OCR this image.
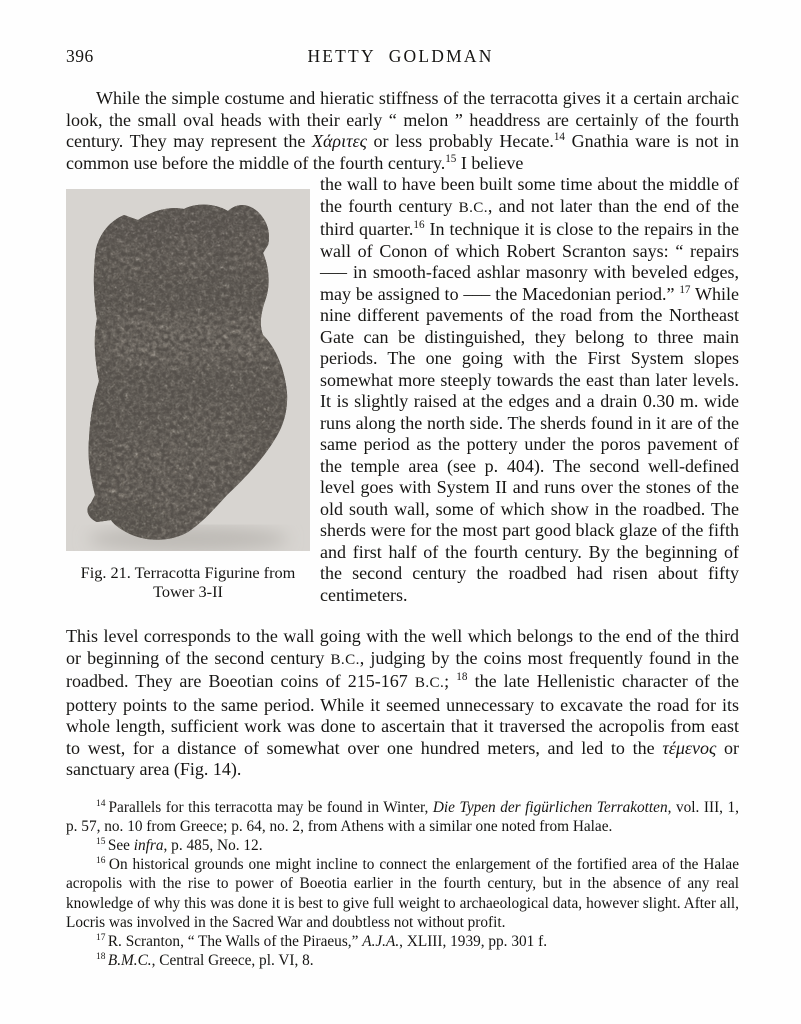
396	HETTY GOLDMAN

While the simple costume and hieratic stiffness of the terracotta gives it a certain archaic look, the small oval heads with their early “ melon ” headdress are certainly of the fourth century. They may represent the Χάριτες or less probably Hecate.$^{14}$ Gnathia ware is not in common use before the middle of the fourth century.$^{15}$ I believe

Fig. 21. Terracotta Figurine from
Tower 3-II

the wall to have been built some time about the middle of the fourth century B.C., and not later than the end of the third quarter.$^{16}$ In technique it is close to the repairs in the wall of Conon of which Robert Scranton says: “ repairs ––– in smooth-faced ashlar masonry with beveled edges, may be assigned to ––– the Macedonian period.” $^{17}$ While nine different pavements of the road from the Northeast Gate can be distinguished, they belong to three main periods. The one going with the First System slopes somewhat more steeply towards the east than later levels. It is slightly raised at the edges and a drain 0.30 m. wide runs along the north side. The sherds found in it are of the same period as the pottery under the poros pavement of the temple area (see p. 404). The second well-defined level goes with System II and runs over the stones of the old south wall, some of which show in the roadbed. The sherds were for the most part good black glaze of the fifth and first half of the fourth century. By the beginning of the second century the roadbed had risen about fifty centimeters.

This level corresponds to the wall going with the well which belongs to the end of the third or beginning of the second century B.C., judging by the coins most frequently found in the roadbed. They are Boeotian coins of 215-167 B.C.; $^{18}$ the late Hellenistic character of the pottery points to the same period. While it seemed unnecessary to excavate the road for its whole length, sufficient work was done to ascertain that it traversed the acropolis from east to west, for a distance of somewhat over one hundred meters, and led to the τέμενος or sanctuary area (Fig. 14).

$^{14}$ Parallels for this terracotta may be found in Winter, Die Typen der figürlichen Terrakotten, vol. III, 1, p. 57, no. 10 from Greece; p. 64, no. 2, from Athens with a similar one noted from Halae.

$^{15}$ See infra, p. 485, No. 12.

$^{16}$ On historical grounds one might incline to connect the enlargement of the fortified area of the Halae acropolis with the rise to power of Boeotia earlier in the fourth century, but in the absence of any real knowledge of why this was done it is best to give full weight to archaeological data, however slight. After all, Locris was involved in the Sacred War and doubtless not without profit.

$^{17}$ R. Scranton, “ The Walls of the Piraeus,” A.J.A., XLIII, 1939, pp. 301 f.

$^{18}$ B.M.C., Central Greece, pl. VI, 8.
